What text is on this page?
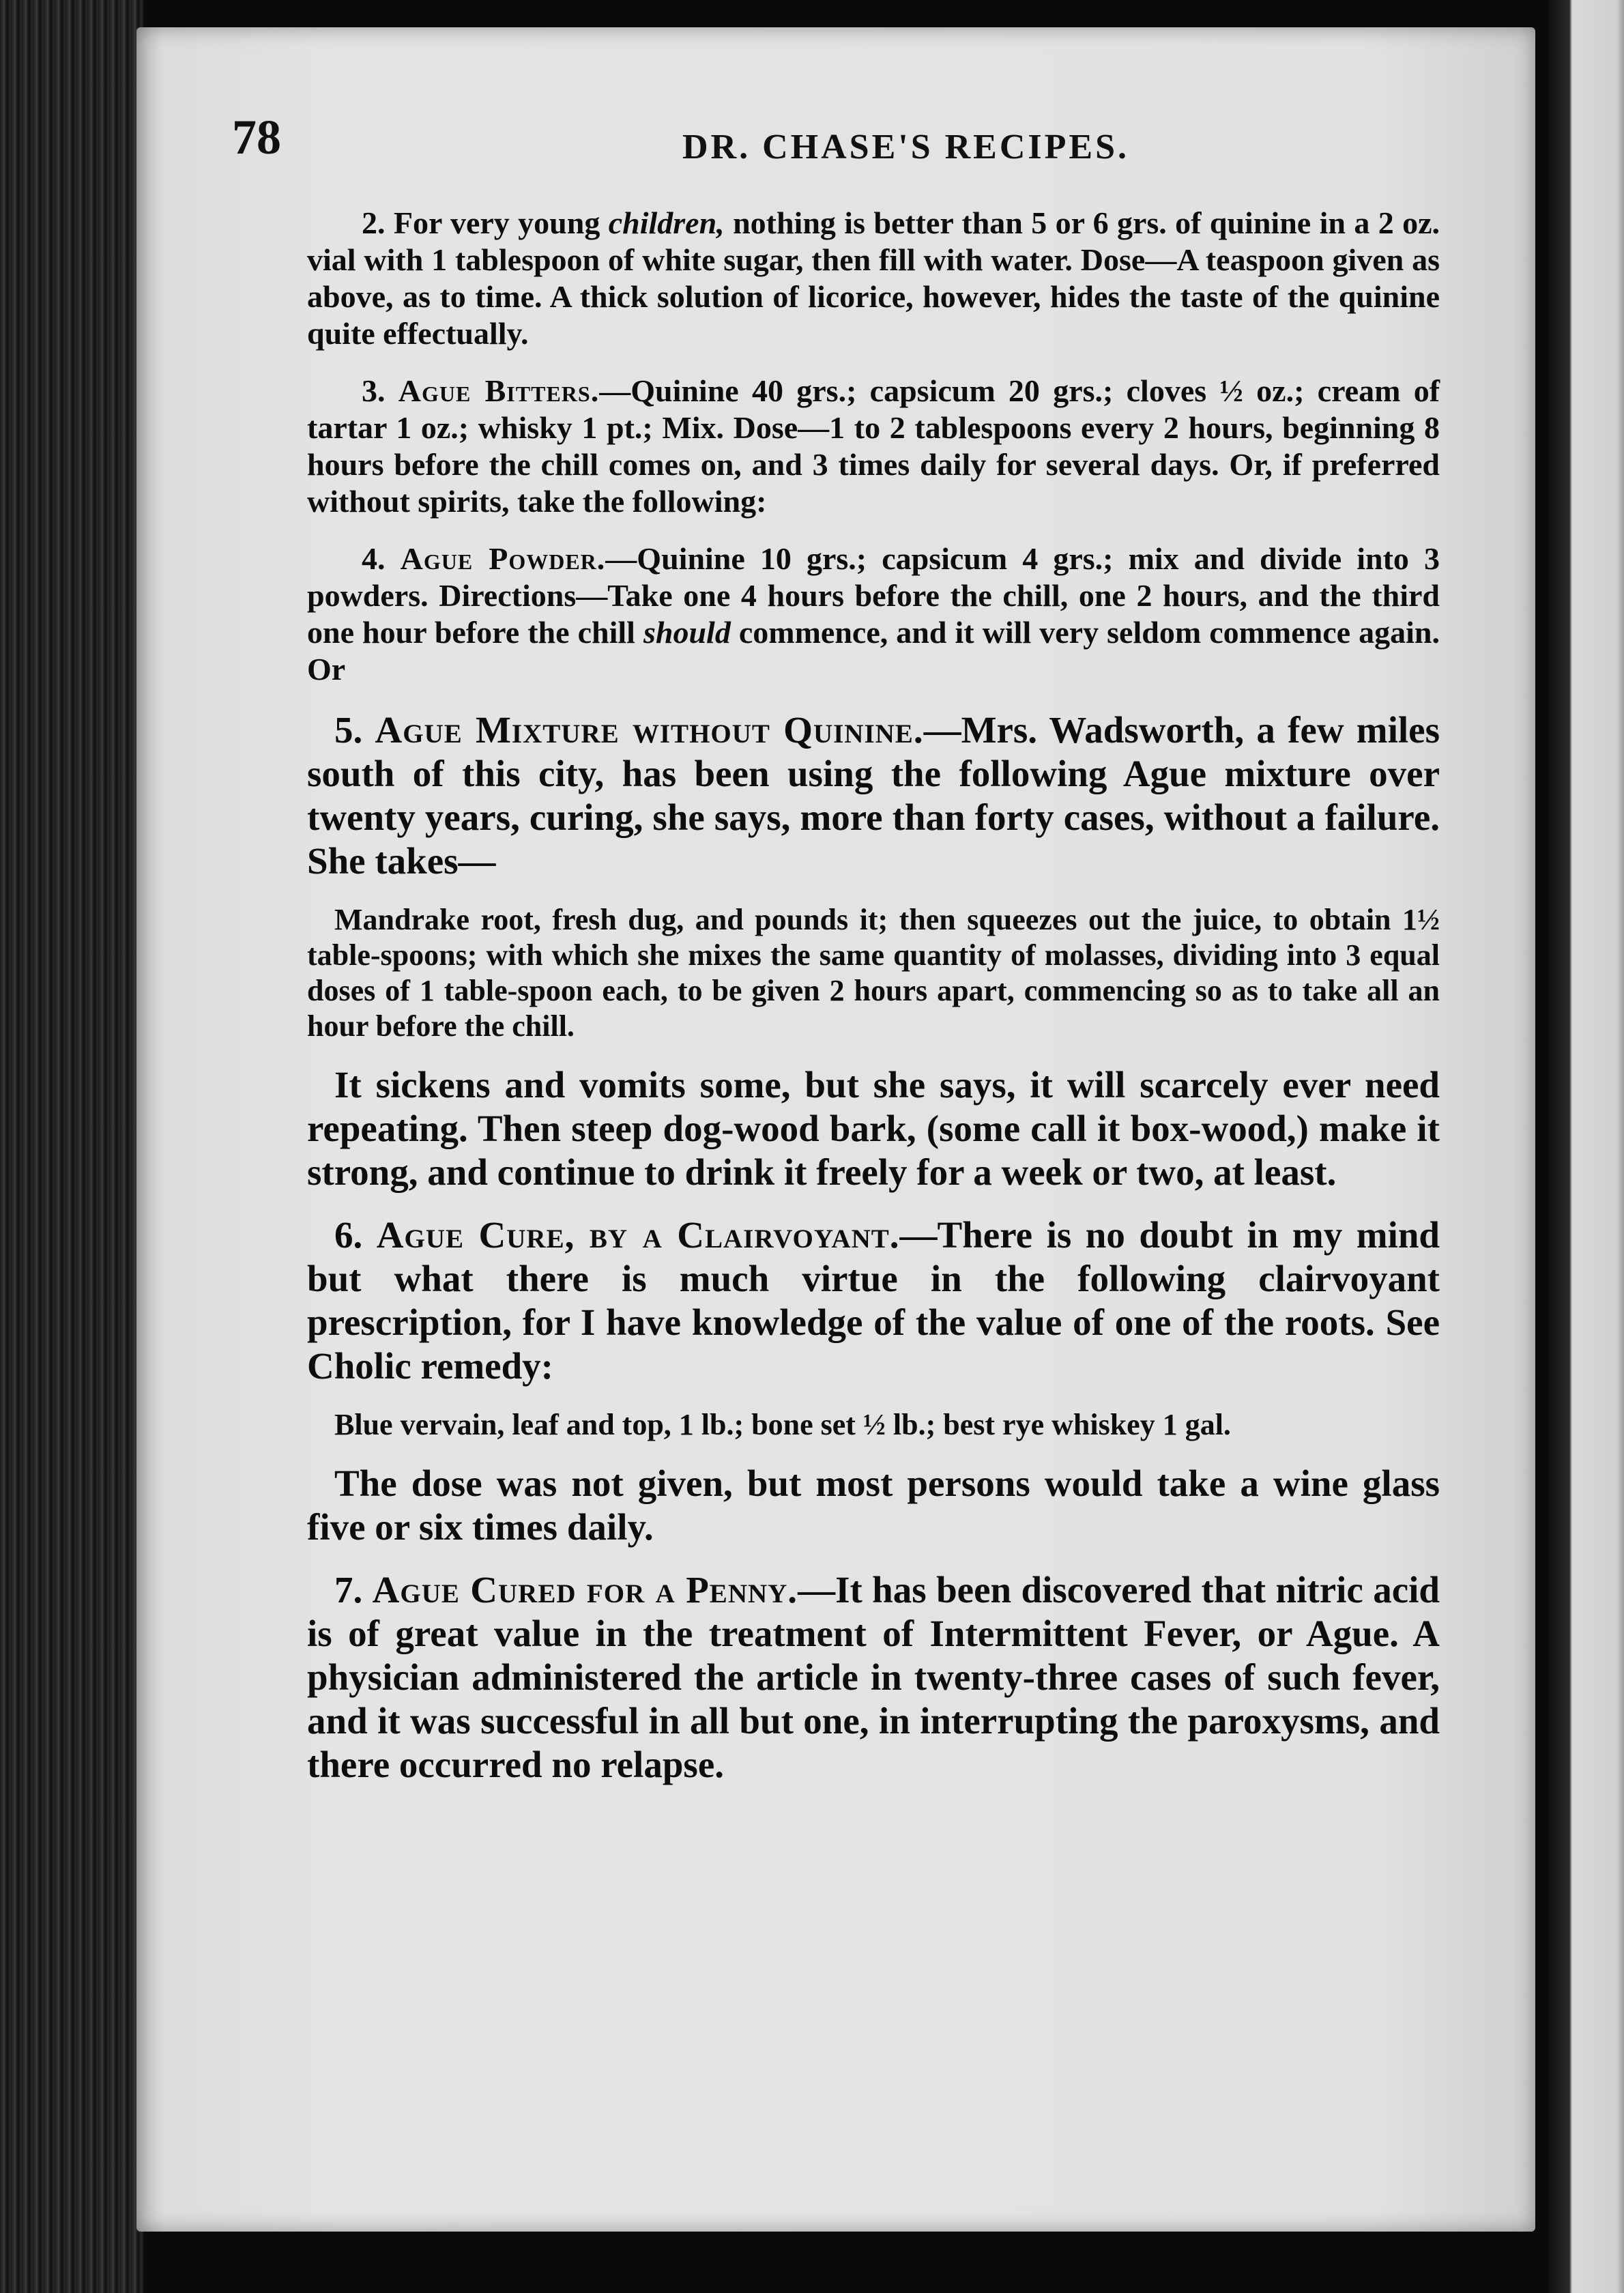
78	DR. CHASE'S RECIPES.

2. For very young children, nothing is better than 5 or 6 grs. of quinine in a 2 oz. vial with 1 tablespoon of white sugar, then fill with water. Dose—A teaspoon given as above, as to time. A thick solution of licorice, however, hides the taste of the quinine quite effectually.

3. Ague Bitters.—Quinine 40 grs.; capsicum 20 grs.; cloves ½ oz.; cream of tartar 1 oz.; whisky 1 pt.; Mix. Dose—1 to 2 tablespoons every 2 hours, beginning 8 hours before the chill comes on, and 3 times daily for several days. Or, if preferred without spirits, take the following:

4. Ague Powder.—Quinine 10 grs.; capsicum 4 grs.; mix and divide into 3 powders. Directions—Take one 4 hours before the chill, one 2 hours, and the third one hour before the chill should commence, and it will very seldom commence again. Or

5. Ague Mixture without Quinine.—Mrs. Wadsworth, a few miles south of this city, has been using the following Ague mixture over twenty years, curing, she says, more than forty cases, without a failure. She takes—

Mandrake root, fresh dug, and pounds it; then squeezes out the juice, to obtain 1½ table-spoons; with which she mixes the same quantity of molasses, dividing into 3 equal doses of 1 table-spoon each, to be given 2 hours apart, commencing so as to take all an hour before the chill.

It sickens and vomits some, but she says, it will scarcely ever need repeating. Then steep dog-wood bark, (some call it box-wood,) make it strong, and continue to drink it freely for a week or two, at least.

6. Ague Cure, by a Clairvoyant.—There is no doubt in my mind but what there is much virtue in the following clairvoyant prescription, for I have knowledge of the value of one of the roots. See Cholic remedy:

Blue vervain, leaf and top, 1 lb.; bone set ½ lb.; best rye whiskey 1 gal.

The dose was not given, but most persons would take a wine glass five or six times daily.

7. Ague Cured for a Penny.—It has been discovered that nitric acid is of great value in the treatment of Intermittent Fever, or Ague. A physician administered the article in twenty-three cases of such fever, and it was successful in all but one, in interrupting the paroxysms, and there occurred no relapse.
